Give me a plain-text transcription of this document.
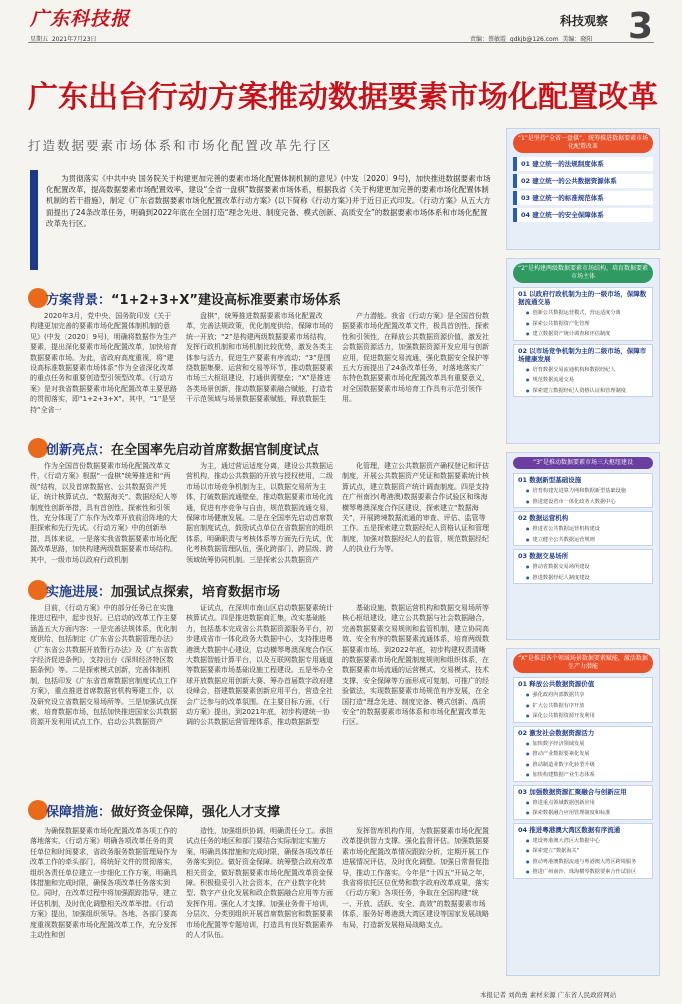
广东科技报
星期五  2021年7月23日
科技观察 3
责编：蔡敏霞  gdkjb@126.com  美编：晓阳
广东出台行动方案推动数据要素市场化配置改革
打造数据要素市场体系和市场化配置改革先行区
为贯彻落实《中共中央 国务院关于构建更加完善的要素市场化配置体制机制的意见》(中发〔2020〕9号)，加快推进数据要素市场化配置改革，提高数据要素市场配置效率，建设“全省一盘棋”数据要素市场体系，根据我省《关于构建更加完善的要素市场化配置体制机制的若干措施》，制定《广东省数据要素市场化配置改革行动方案》(以下简称《行动方案》)并于近日正式印发。《行动方案》从五大方面提出了24条改革任务，明确到2022年底在全国打造“理念先进、制度完备、模式创新、高质安全”的数据要素市场体系和市场化配置改革先行区。
方案背景：“1+2+3+X”建设高标准要素市场体系
2020年3月，党中央、国务院印发《关于构建更加完善的要素市场化配置体制机制的意见》(中发〔2020〕9号)，明确将数据作为生产要素，提出深化要素市场化配置改革，加快培育数据要素市场。为此，省政府高度重视，将“建设高标准数据要素市场体系”作为全省深化改革的重点任务和重要创造型引领型改革。《行动方案》是对我省数据要素市场化配置改革主要思路的贯彻落实，即“1+2+3+X”。其中，“1”是坚持“全省一
盘棋”，统筹推进数据要素市场化配置改革，完善法规政策，优化制度供给，保障市场的统一开放；“2”是构建两级数据要素市场结构，发挥行政机制和市场机制比较优势，激发各类主体参与活力，促进生产要素有序流动；“3”是围绕数据集聚、运营和交易等环节，推动数据要素市场三大枢纽建设，打通供需壁垒；“X”是推进各类场景创新，推动数据要素融合赋能，打造若干示范领域与场景数据要素赋能，释放数据生
产力潜能。我省《行动方案》是全国首份数据要素市场化配置改革文件，极具首创性、探索性和引领性，在释放公共数据资源价值，激发社会数据资源活力，加强数据资源开发应用与创新应用，促进数据交易流通，强化数据安全保护等五大方面提出了24条改革任务，对落地落实广东特色数据要素市场化配置改革具有重要意义，对全国数据要素市场培育工作具有示范引领作用。
创新亮点：在全国率先启动首席数据官制度试点
作为全国首份数据要素市场化配置改革文件，《行动方案》根据“一盘棋”统筹推进和“两级”结构，以及首席数据官、公共数据资产凭证、统计核算试点、“数据海关”、数据经纪人等制度性创新举措，具有首创性、探索性和引领性，充分体现了广东作为改革开放前沿阵地的大胆探索和先行先试。《行动方案》中的创新举措，具体来说，一是落实我省数据要素市场化配置改革思路，加快构建两级数据要素市场结构。其中，一级市场以政府行政机制
为主，通过营运适度分离，建设公共数据运营机构，推动公共数据的开放与授权使用，二级市场以市场竞争机制为主，以数据交易所为主体，打破数据流通壁垒，推动数据要素市场化流通，促进有序竞争与自由，规范数据流通交易，保障市场健康发展。二是在全国率先启动首席数据官制度试点，鼓励试点单位在省数据官的组织体系，明确职责与考核体系等方面先行先试，优化考核数据管理队伍，强化跨部门、跨层级、跨领域统筹协同机制。三是探索公共数据资产
化管理，建立公共数据资产确权登记和评估制度，开展公共数据资产凭证和数据要素统计核算试点，建立数据资产统计调查制度。四是支持在广州南沙(粤港澳)数据要素合作试验区和珠海横琴粤澳深度合作区建设，探索建立“数据海关”，开展跨境数据流通的审查、评估、监管等工作。五是探索建立数据经纪人资格认证和管理制度，加强对数据经纪人的监管，规范数据经纪人的执业行为等。
实施进展：加强试点探索，培育数据市场
目前，《行动方案》中的部分任务已在实施推进过程中，起步良好。已启动的改革工作主要涵盖五大方面内容：一是完善法规体系，优化制度供给，包括制定《广东省公共数据管理办法》《广东省公共数据开放暂行办法》及《广东省数字经济促进条例》，支持出台《深圳经济特区数据条例》等。二是探索模式创新，完善体制机制，包括印发《广东省首席数据官制度试点工作方案》，重点推进首席数据官机构筹建工作，以及研究设立省数据交易场所等。三是加强试点探索，培育数据市场，包括加快推进国家公共数据资源开发利用试点工作，启动公共数据资产
证试点，在深圳市南山区启动数据要素统计核算试点。四是推进数据商汇集，改实基础能力，包括基本完成省公共数据资源服务平台，初步建成省市一体化政务大数据中心，支持推进粤港澳大数据中心建设，启动横琴粤澳深度合作区大数据智能计算平台，以及互联网数据专用通道等数据要素市场基础设施工程建设。五是举办全球开放数据应用创新大赛、筹办首届数字政府建设峰会，搭建数据要素创新应用平台，营造全社会广泛参与的改革氛围。在主要目标方面，《行动方案》提出，到2021年底，初步构建统一协调的公共数据运营管理体系，推动数据新型
基础设施、数据运营机构和数据交易场所等核心枢纽建设，建立公共数据与社会数据融合，完善数据要素交易规则和监管机制，建立协同高效、安全有序的数据要素流通体系，培育两级数据要素市场。到2022年底，初步构建权责清晰的数据要素市场化配置制度规则和组织体系，在数据要素市场流通的运营模式、交易模式、技术支撑、安全保障等方面形成可复制、可推广的经验做法，实现数据要素市场规范有序发展，在全国打造“理念先进、制度完备、模式创新、高质安全”的数据要素市场体系和市场化配置改革先行区。
保障措施：做好资金保障，强化人才支撑
为确保数据要素市场化配置改革各项工作的落地落实，《行动方案》明确各项改革任务的责任单位和时间要求，省政务服务数据管理局作为改革工作的牵头部门，将统好文件的贯彻落实，组织各责任单位建立一步细化工作方案，明确具体措施和完成时限，确保各项改革任务落实到位。同时，在改革过程中将加强跟踪指导，建立评估机制，及时优化调整相关改革举措。《行动方案》提出，加强组织领导。各地、各部门要高度重视数据要素市场化配置改革工作，充分发挥主动性和创
造性，加强组织协调，明确责任分工。承担试点任务的地区和部门要结合实际制定实施方案，明确具体措施和完成时限，确保各项改革任务落实到位。做好资金保障。统筹整合政府改革相关资金，做好数据要素市场化配置改革资金保障。积极稳妥引入社会资本，在产业数字化转型、数字产业化发展和政企数据融合应用等方面发挥作用。强化人才支撑。加强业务骨干培训，分层次、分类别组织开展首席数据官和数据要素市场化配置等专题培训，打造具有良好数据素养的人才队伍。
发挥智库机构作用，为数据要素市场化配置改革提供智力支撑。强化监督评估。加强数据要素市场化配置改革情况跟踪分析，定期开展工作进展情况评估，及时优化调整。加强日常督促指导，推动工作落实。今年是“十四五”开局之年，我省将依托区位优势和数字政府改革成果，落实《行动方案》各项任务，争取在全国构建“统一、开放、活跃、安全、高效”的数据要素市场体系，服务好粤港澳大湾区建设等国家发展战略布局，打造新发展格局战略支点。
“1”是坚持“全省一盘棋”，统筹推进数据要素市场化配置改革
01 建立统一的法规制度体系
02 建立统一的公共数据资源体系
03 建立统一的标准规范体系
04 建立统一的安全保障体系
“2”是构建两级数据要素市场结构，培育数据要素市场主体
01 以政府行政机制为主的一级市场，保障数据流通交易
● 创新公共数据运营模式，营运适度分离
● 探索公共数据资产化管理
● 建立数据资产统计调查和评估制度
02 以市场竞争机制为主的二级市场，保障市场健康发展
● 培育数据交易流通机构和数据经纪人
● 规范数据流通交易
● 探索建立数据经纪人资格认证和管理制度
“3”是推动数据要素市场三大枢纽建设
01 数据新型基础设施
● 培育构建先进算力网和数据新型基础设施
● 推进建设省市一体化政务大数据中心
02 数据运营机构
● 推进省公共数据运营机构建设
● 建立健全公共数据运营规则
03 数据交易场所
● 推动省数据交易场所建设
● 推进数据经纪人制度建设
“X”是推进各个领域场景数据要素赋能，激活数据生产力潜能
01 释放公共数据资源价值
● 强化政府内部数据共享
● 扩大公共数据有序开放
● 深化公共数据资源开发利用
02 激发社会数据资源活力
● 加快数字经济领域发展
● 推动产业数据要素化发展
● 推动制造业数字化转型升级
● 加快构建数据产业生态体系
03 加强数据资源汇聚融合与创新应用
● 推进重点领域数据创新应用
● 探索数据融合应用管理制度和标准
04 推进粤港澳大湾区数据有序流通
● 建设粤港澳大湾区大数据中心
● 探索建立“数据海关”
● 推动粤港澳数据流通与粤港澳大湾区跨境服务
● 推进广州南沙、珠海横琴数据要素合作试验区
本报记者 刘尚勇 素材来源 广东省人民政府网站
